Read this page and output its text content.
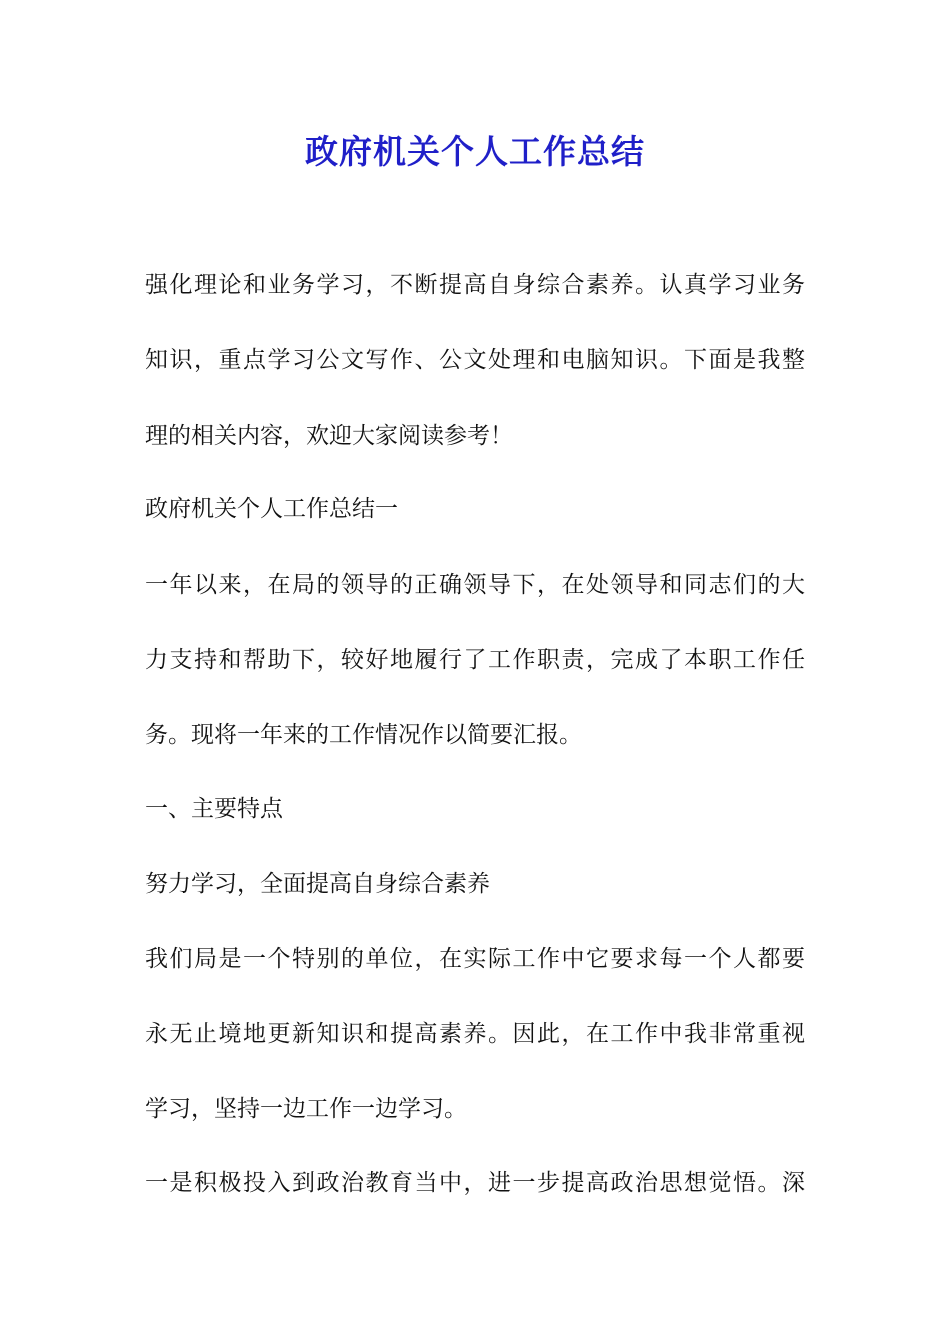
政府机关个人工作总结

强化理论和业务学习，不断提高自身综合素养。认真学习业务

知识，重点学习公文写作、公文处理和电脑知识。下面是我整

理的相关内容，欢迎大家阅读参考！

政府机关个人工作总结一

一年以来，在局的领导的正确领导下，在处领导和同志们的大

力支持和帮助下，较好地履行了工作职责，完成了本职工作任

务。现将一年来的工作情况作以简要汇报。

一、主要特点

努力学习，全面提高自身综合素养

我们局是一个特别的单位，在实际工作中它要求每一个人都要

永无止境地更新知识和提高素养。因此，在工作中我非常重视

学习，坚持一边工作一边学习。

一是积极投入到政治教育当中，进一步提高政治思想觉悟。深
